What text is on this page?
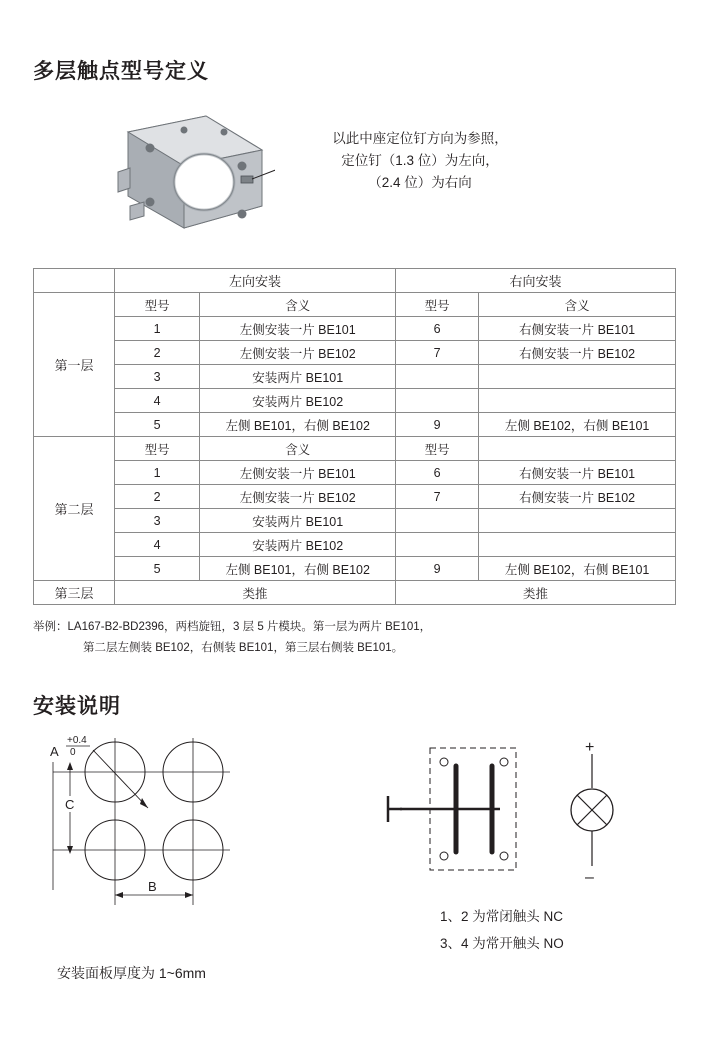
多层触点型号定义
以此中座定位钉方向为参照，
定位钉（1.3 位）为左向，
（2.4 位）为右向
	左向安装		右向安装	
第一层	型号	含义	型号	含义
	1	左侧安装一片 BE101	6	右侧安装一片 BE101
	2	左侧安装一片 BE102	7	右侧安装一片 BE102
	3	安装两片 BE101		
	4	安装两片 BE102		
	5	左侧 BE101，右侧 BE102	9	左侧 BE102，右侧 BE101
第二层	型号	含义	型号	
	1	左侧安装一片 BE101	6	右侧安装一片 BE101
	2	左侧安装一片 BE102	7	右侧安装一片 BE102
	3	安装两片 BE101		
	4	安装两片 BE102		
	5	左侧 BE101，右侧 BE102	9	左侧 BE102，右侧 BE101
第三层	类推		类推	
举例：LA167-B2-BD2396，两档旋钮，3 层 5 片模块。第一层为两片 BE101，
第二层左侧装 BE102，右侧装 BE101，第三层右侧装 BE101。
安装说明
+0.4
0
A
C
B
安装面板厚度为 1~6mm
+
–
1、2 为常闭触头 NC
3、4 为常开触头 NO
